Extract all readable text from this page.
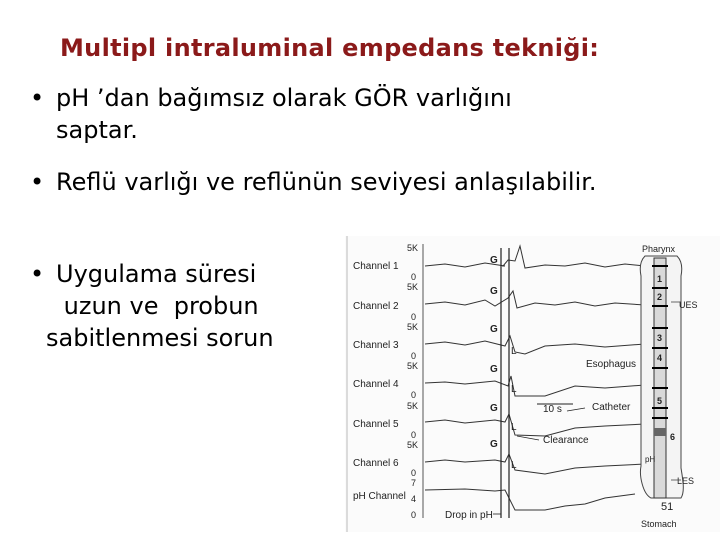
Multipl intraluminal empedans tekniği:
• pH ’dan bağımsız olarak GÖR varlığını
saptar.
• Reflü varlığı ve reflünün seviyesi anlaşılabilir.
• Uygulama süresi
uzun ve  probun
sabitlenmesi sorun
Channel 1
Channel 2
Channel 3
Channel 4
Channel 5
Channel 6
pH Channel
5K
0
5K
0
5K
0
5K
0
5K
0
5K
0
7
4
0
G
G
G
G
G
G
L
L
L
L
10 s
Esophagus
Catheter
Clearance
Drop in pH
Pharynx
1
2
3
4
5
6
pH
UES
LES
Stomach
51
